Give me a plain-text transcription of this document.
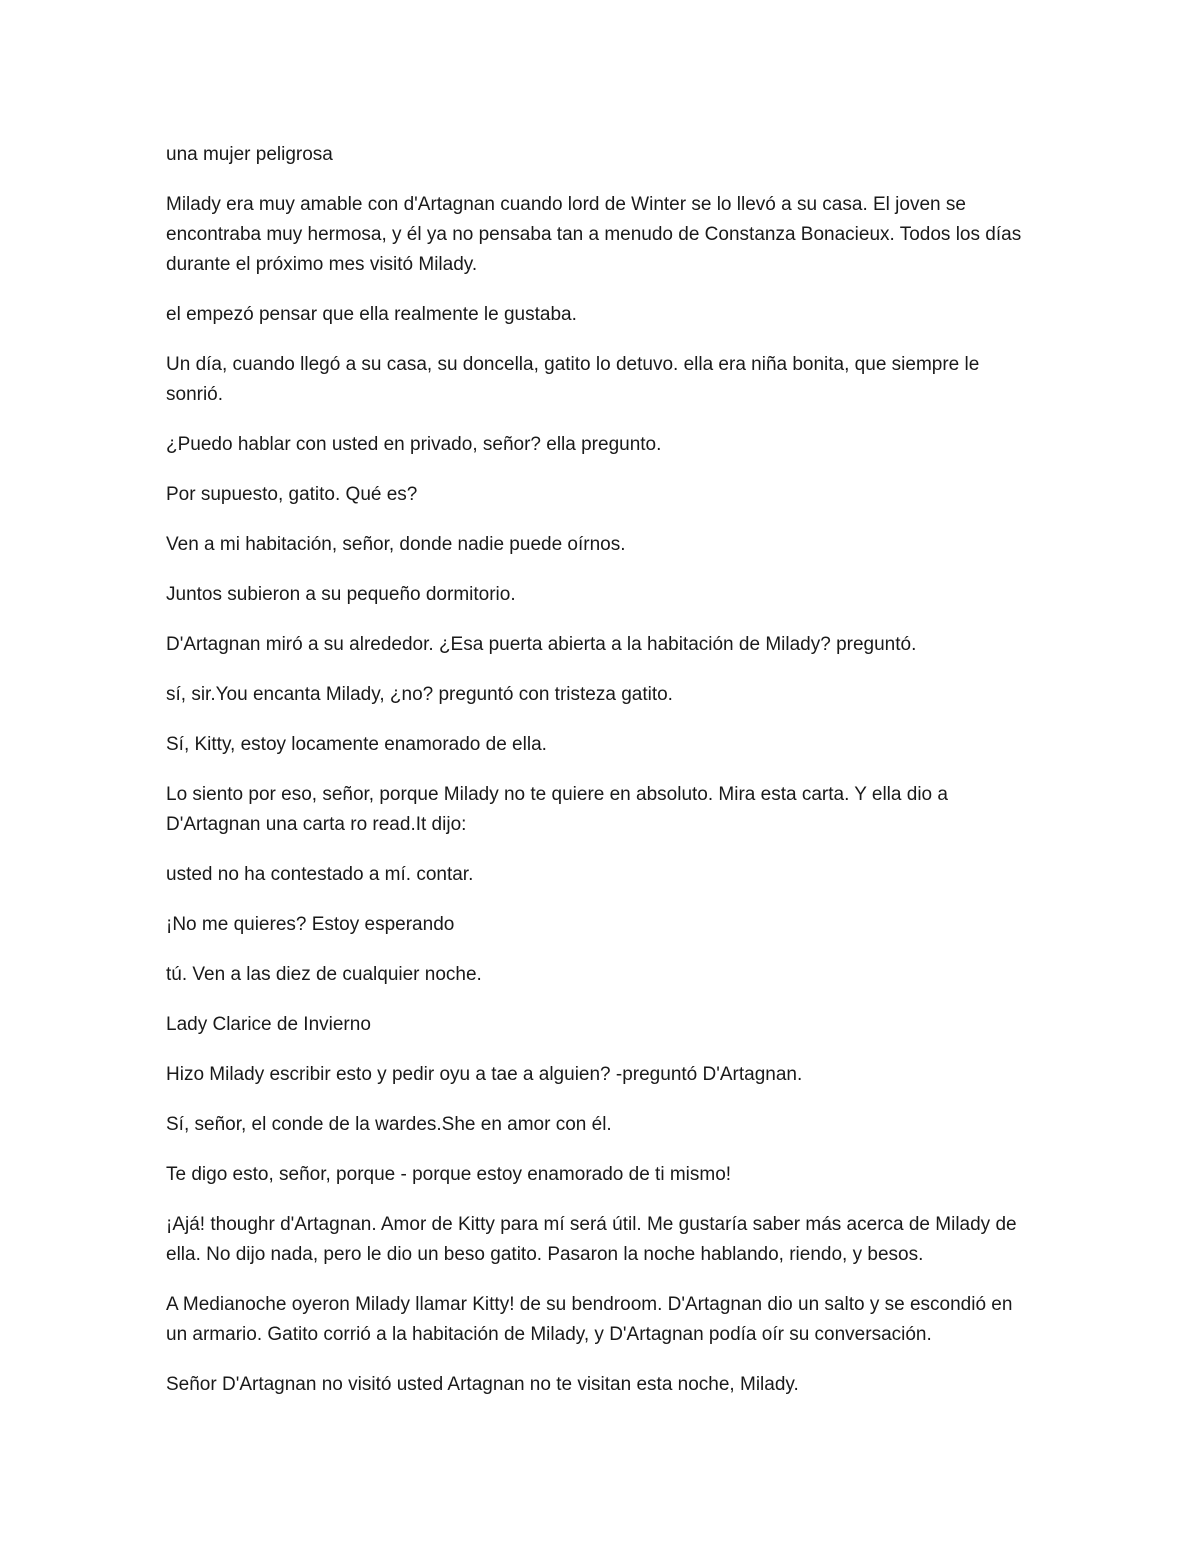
una mujer peligrosa

Milady era muy amable con d'Artagnan cuando lord de Winter se lo llevó a su casa. El joven se encontraba muy hermosa, y él ya no pensaba tan a menudo de Constanza Bonacieux. Todos los días durante el próximo mes visitó Milady.

el empezó pensar que ella realmente le gustaba.

Un día, cuando llegó a su casa, su doncella, gatito lo detuvo. ella era niña bonita, que siempre le sonrió.

¿Puedo hablar con usted en privado, señor? ella pregunto.

Por supuesto, gatito. Qué es?

Ven a mi habitación, señor, donde nadie puede oírnos.

Juntos subieron a su pequeño dormitorio.

D'Artagnan miró a su alrededor. ¿Esa puerta abierta a la habitación de Milady? preguntó.

sí, sir.You encanta Milady, ¿no? preguntó con tristeza gatito.

Sí, Kitty, estoy locamente enamorado de ella.

Lo siento por eso, señor, porque Milady no te quiere en absoluto. Mira esta carta. Y ella dio a D'Artagnan una carta ro read.It dijo:

usted no ha contestado a mí. contar.

¡No me quieres? Estoy esperando

tú. Ven a las diez de cualquier noche.

Lady Clarice de Invierno

Hizo Milady escribir esto y pedir oyu a tae a alguien? -preguntó D'Artagnan.

Sí, señor, el conde de la wardes.She en amor con él.

Te digo esto, señor, porque - porque estoy enamorado de ti mismo!

¡Ajá! thoughr d'Artagnan. Amor de Kitty para mí será útil. Me gustaría saber más acerca de Milady de ella. No dijo nada, pero le dio un beso gatito. Pasaron la noche hablando, riendo, y besos.

A Medianoche oyeron Milady llamar Kitty! de su bendroom. D'Artagnan dio un salto y se escondió en un armario. Gatito corrió a la habitación de Milady, y D'Artagnan podía oír su conversación.

Señor D'Artagnan no visitó usted Artagnan no te visitan esta noche, Milady.
